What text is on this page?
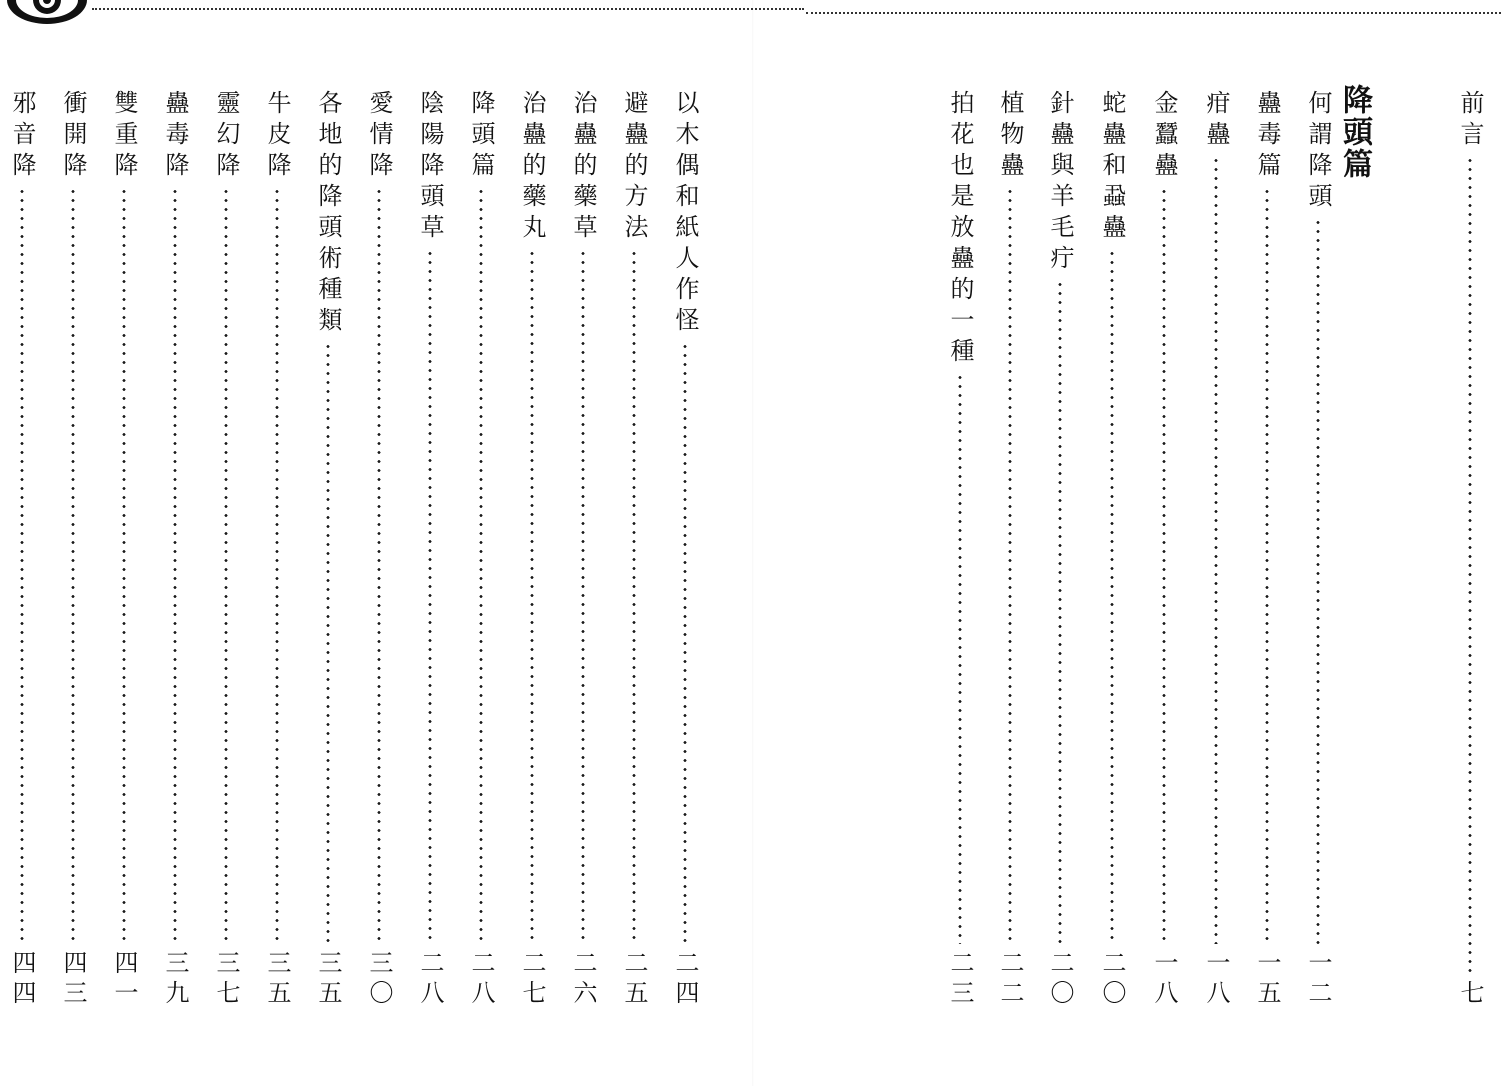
前言
七
降頭篇
何謂降頭
一二
蠱毒篇
一五
疳蠱
一八
金蠶蠱
一八
蛇蠱和蝨蠱
二〇
針蠱與羊毛疔
二〇
植物蠱
二二
拍花也是放蠱的一種
二三
以木偶和紙人作怪
二四
避蠱的方法
二五
治蠱的藥草
二六
治蠱的藥丸
二七
降頭篇
二八
陰陽降頭草
二八
愛情降
三〇
各地的降頭術種類
三五
牛皮降
三五
靈幻降
三七
蠱毒降
三九
雙重降
四一
衝開降
四三
邪音降
四四
